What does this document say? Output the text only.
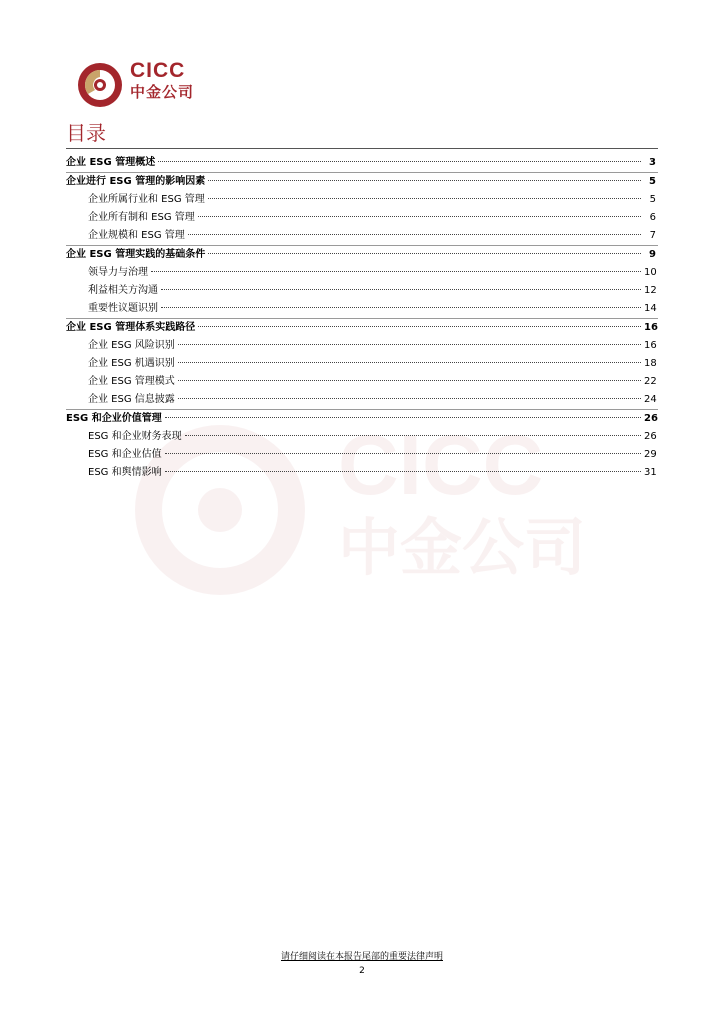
CICC
中金公司
CICC
中金公司
目录
企业 ESG 管理概述	3
企业进行 ESG 管理的影响因素	5
企业所属行业和 ESG 管理	5
企业所有制和 ESG 管理	6
企业规模和 ESG 管理	7
企业 ESG 管理实践的基础条件	9
领导力与治理	10
利益相关方沟通	12
重要性议题识别	14
企业 ESG 管理体系实践路径	16
企业 ESG 风险识别	16
企业 ESG 机遇识别	18
企业 ESG 管理模式	22
企业 ESG 信息披露	24
ESG 和企业价值管理	26
ESG 和企业财务表现	26
ESG 和企业估值	29
ESG 和舆情影响	31
请仔细阅读在本报告尾部的重要法律声明
2
